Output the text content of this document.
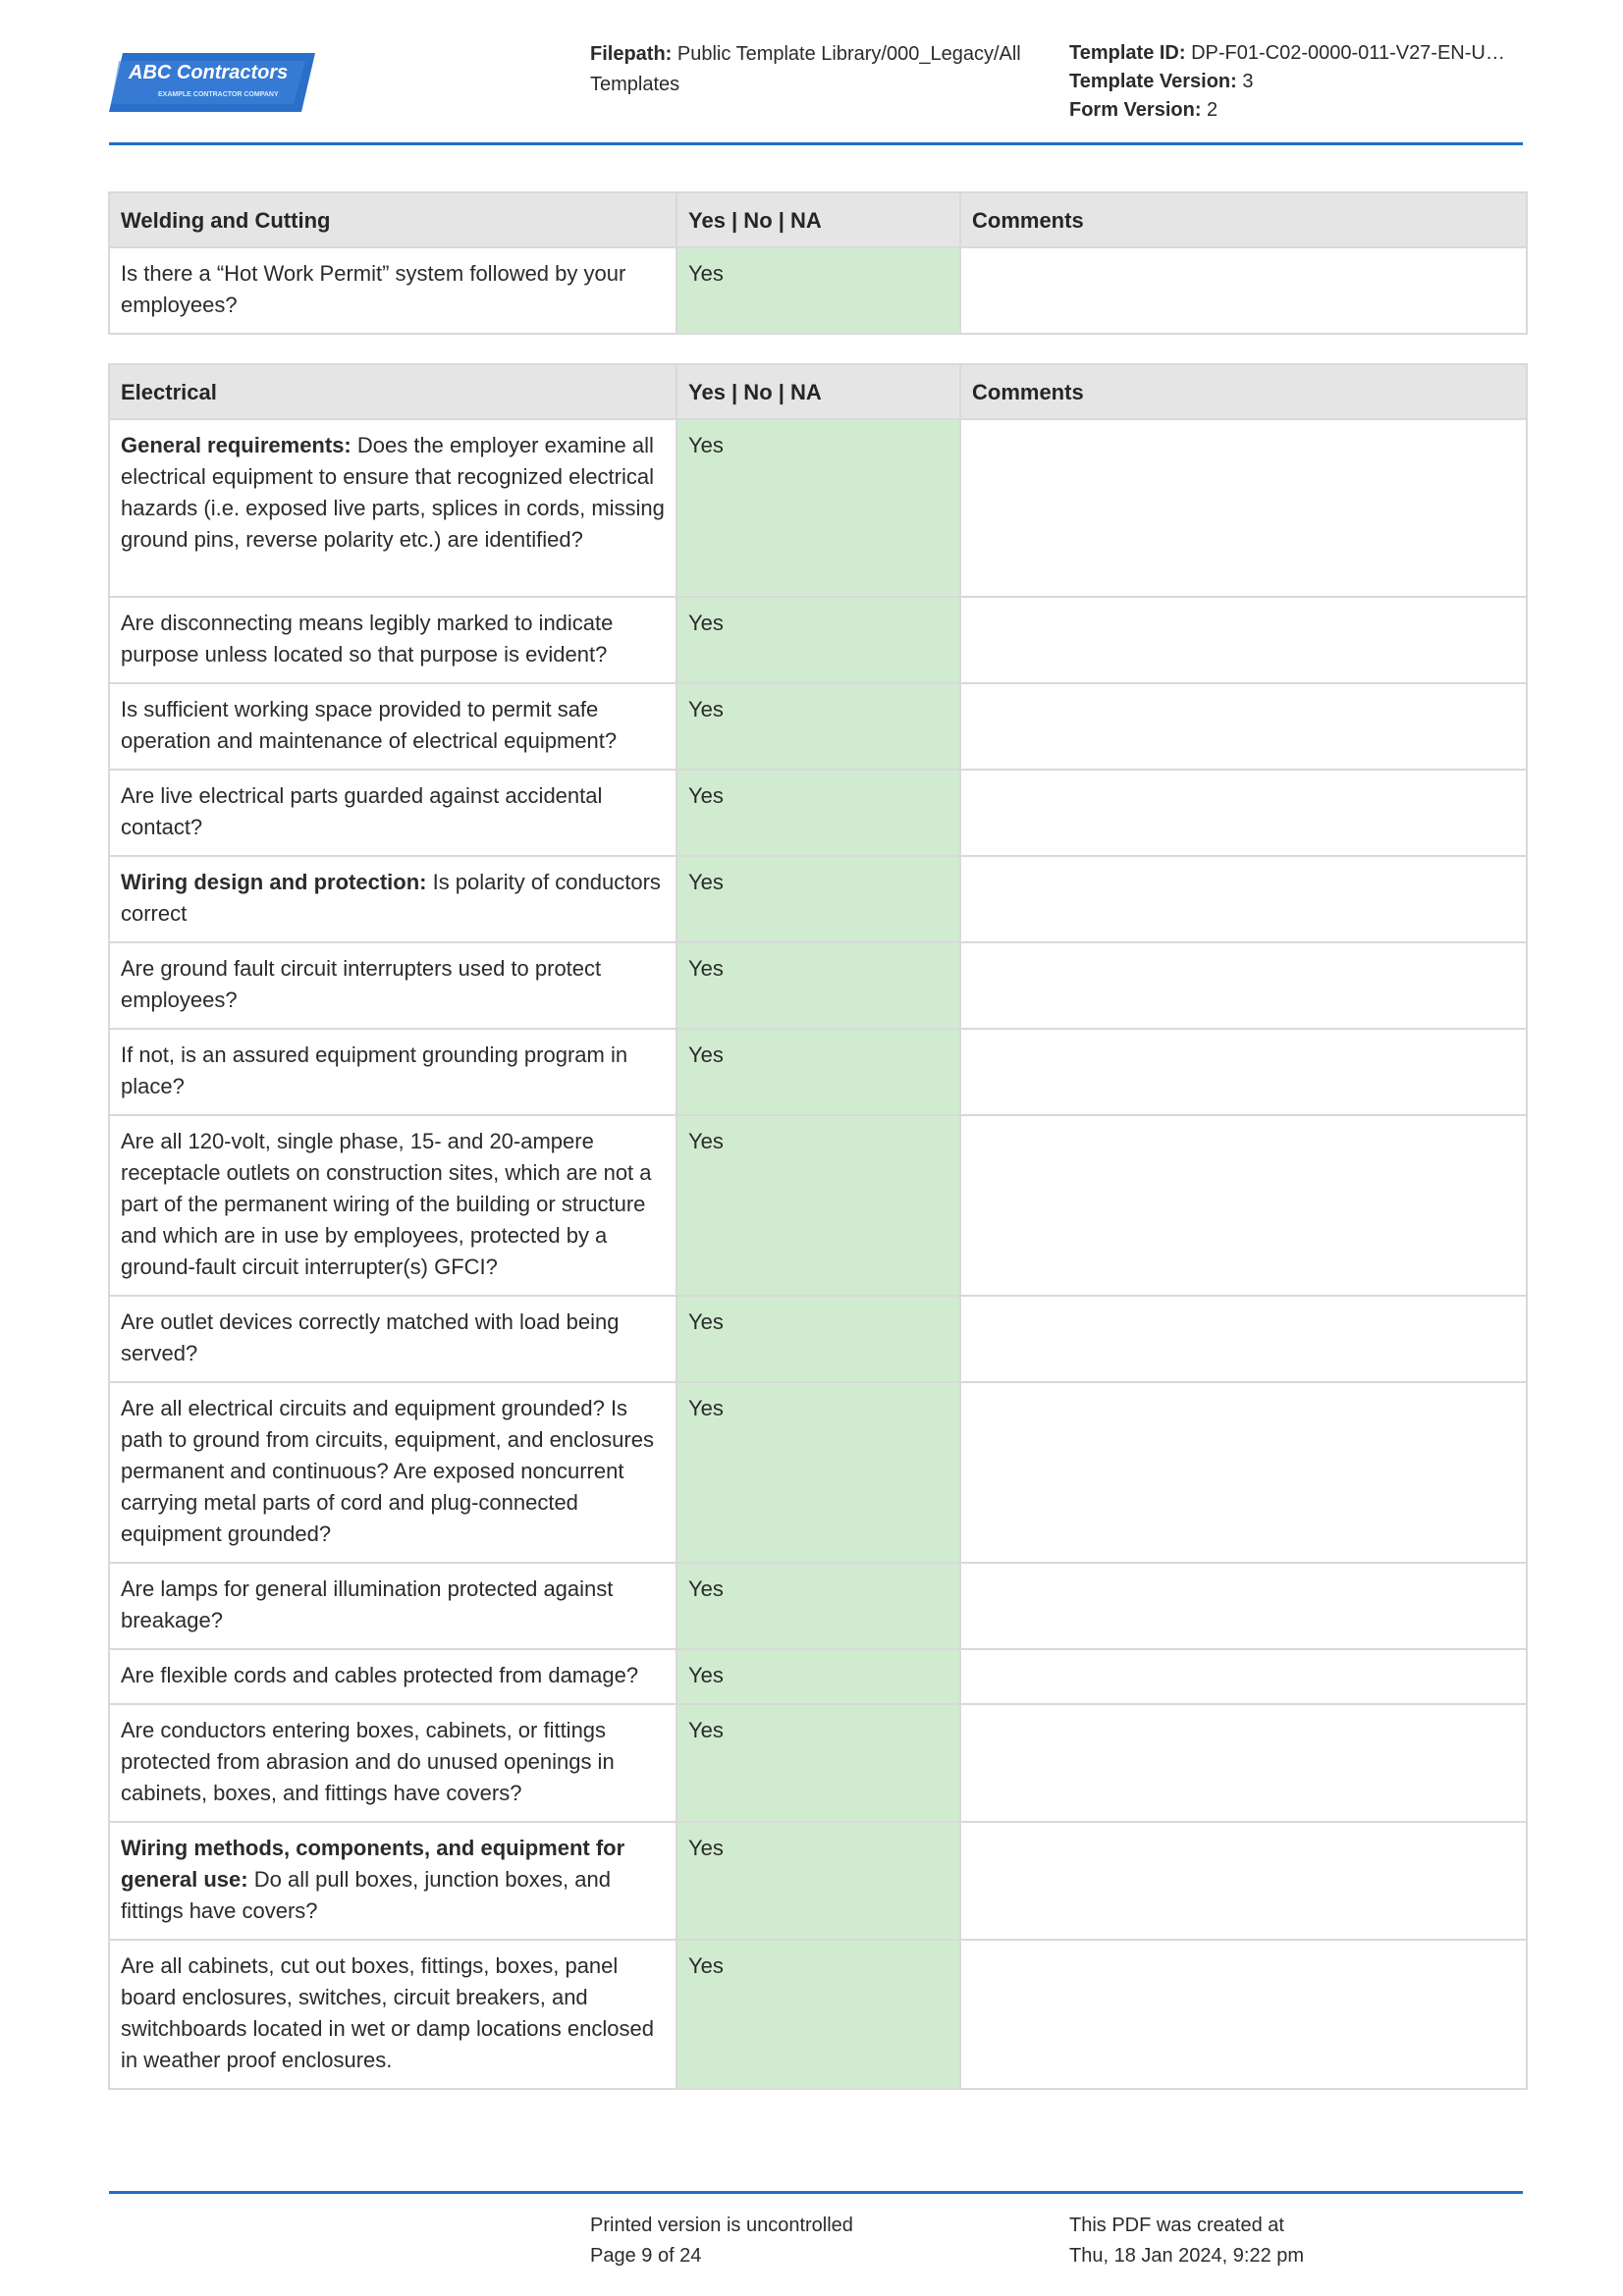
ABC Contractors
EXAMPLE CONTRACTOR COMPANY
Filepath: Public Template Library/000_Legacy/All
Templates
Template ID: DP-F01-C02-0000-011-V27-EN-U…
Template Version: 3
Form Version: 2
Welding and Cutting	Yes | No | NA	Comments
Is there a “Hot Work Permit” system followed by your employees?	Yes	
Electrical	Yes | No | NA	Comments
General requirements: Does the employer examine all electrical equipment to ensure that recognized electrical hazards (i.e. exposed live parts, splices in cords, missing ground pins, reverse polarity etc.) are identified?	Yes	
Are disconnecting means legibly marked to indicate purpose unless located so that purpose is evident?	Yes	
Is sufficient working space provided to permit safe operation and maintenance of electrical equipment?	Yes	
Are live electrical parts guarded against accidental contact?	Yes	
Wiring design and protection: Is polarity of conductors correct	Yes	
Are ground fault circuit interrupters used to protect employees?	Yes	
If not, is an assured equipment grounding program in place?	Yes	
Are all 120-volt, single phase, 15- and 20-ampere receptacle outlets on construction sites, which are not a part of the permanent wiring of the building or structure and which are in use by employees, protected by a ground-fault circuit interrupter(s) GFCI?	Yes	
Are outlet devices correctly matched with load being served?	Yes	
Are all electrical circuits and equipment grounded? Is path to ground from circuits, equipment, and enclosures permanent and continuous? Are exposed noncurrent carrying metal parts of cord and plug-connected equipment grounded?	Yes	
Are lamps for general illumination protected against breakage?	Yes	
Are flexible cords and cables protected from damage?	Yes	
Are conductors entering boxes, cabinets, or fittings protected from abrasion and do unused openings in cabinets, boxes, and fittings have covers?	Yes	
Wiring methods, components, and equipment for general use: Do all pull boxes, junction boxes, and fittings have covers?	Yes	
Are all cabinets, cut out boxes, fittings, boxes, panel board enclosures, switches, circuit breakers, and switchboards located in wet or damp locations enclosed in weather proof enclosures.	Yes	
Printed version is uncontrolled
Page 9 of 24
This PDF was created at
Thu, 18 Jan 2024, 9:22 pm
